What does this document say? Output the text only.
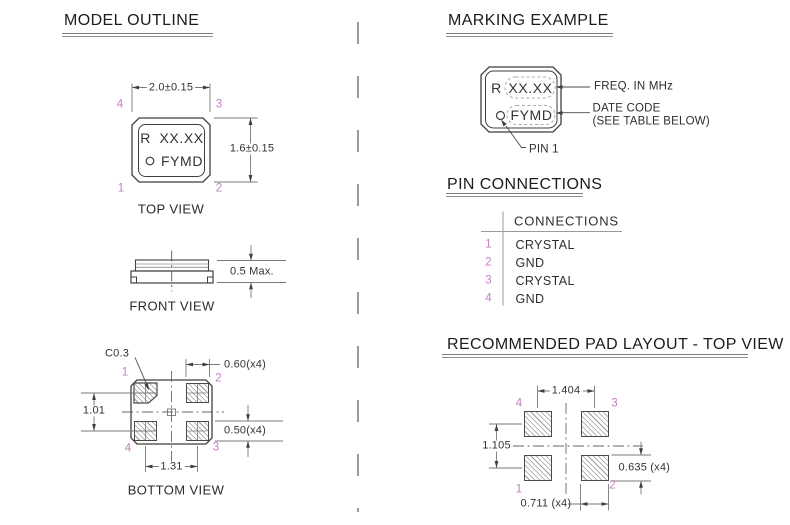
MODEL OUTLINE
2.0±0.15
4	3
1	2
R XX.XX
FYMD
1.6±0.15
TOP VIEW
0.5 Max.
FRONT VIEW
C0.3
1	2
4	3
0.60(x4)
1.01
0.50(x4)
1.31
BOTTOM VIEW
MARKING EXAMPLE
R XX.XX
FYMD
FREQ. IN MHz
DATE CODE
(SEE TABLE BELOW)
PIN 1
PIN CONNECTIONS
CONNECTIONS
1 CRYSTAL
2 GND
3 CRYSTAL
4 GND
RECOMMENDED PAD LAYOUT - TOP VIEW
1.404
4	3
1	2
1.105
0.635 (x4)
0.711 (x4)
